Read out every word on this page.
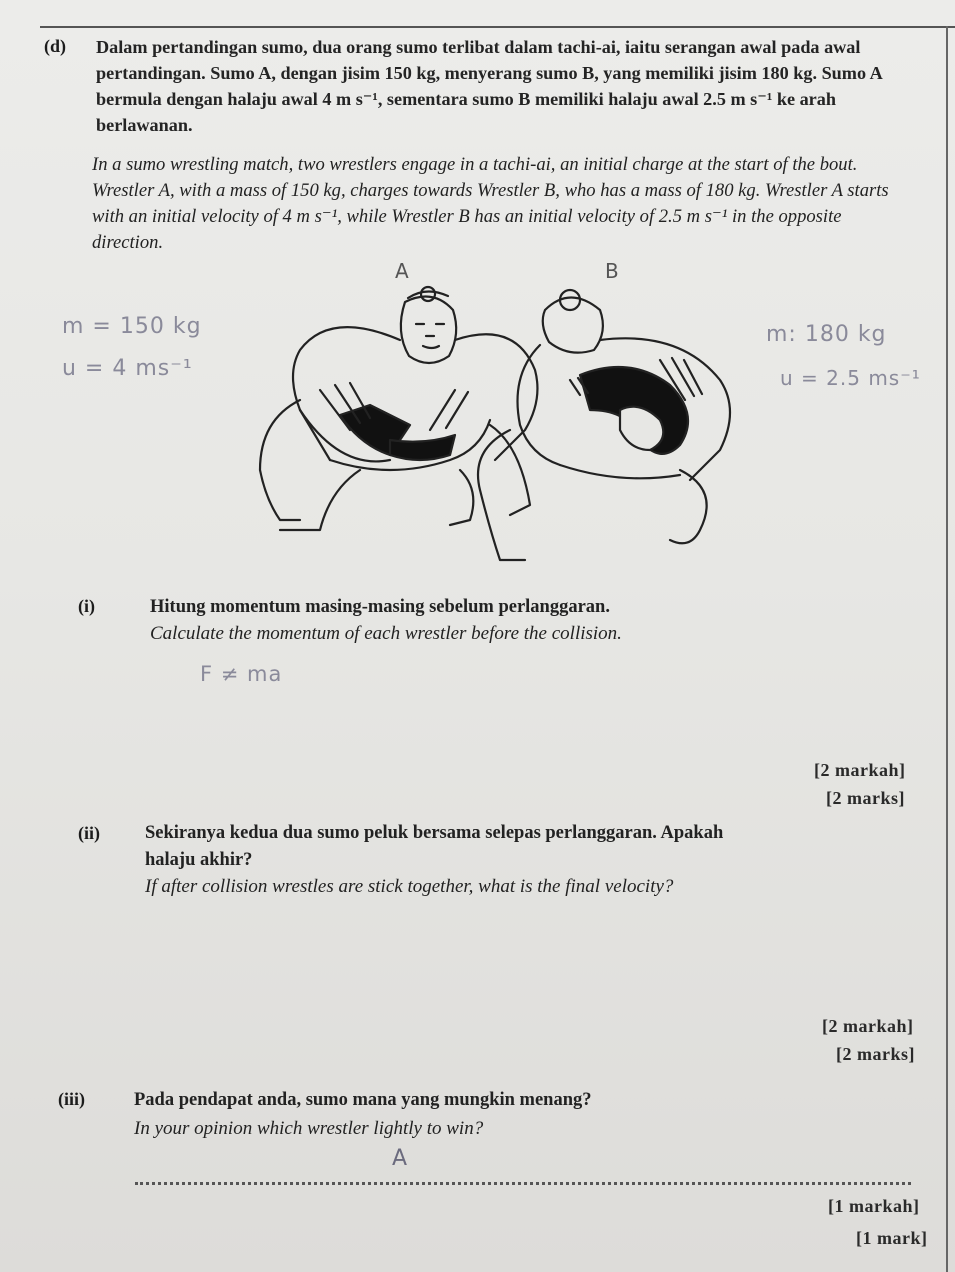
(d) Dalam pertandingan sumo, dua orang sumo terlibat dalam tachi-ai, iaitu serangan awal pada awal pertandingan. Sumo A, dengan jisim 150 kg, menyerang sumo B, yang memiliki jisim 180 kg. Sumo A bermula dengan halaju awal 4 m s⁻¹, sementara sumo B memiliki halaju awal 2.5 m s⁻¹ ke arah berlawanan.
In a sumo wrestling match, two wrestlers engage in a tachi-ai, an initial charge at the start of the bout. Wrestler A, with a mass of 150 kg, charges towards Wrestler B, who has a mass of 180 kg. Wrestler A starts with an initial velocity of 4 m s⁻¹, while Wrestler B has an initial velocity of 2.5 m s⁻¹ in the opposite direction.
m = 150 kg
u = 4 ms⁻¹
m: 180 kg
u = 2.5 ms⁻¹
A	B
(i)	Hitung momentum masing-masing sebelum perlanggaran.
Calculate the momentum of each wrestler before the collision.
F ≠ ma
[2 markah]
[2 marks]
(ii) Sekiranya kedua dua sumo peluk bersama selepas perlanggaran. Apakah
halaju akhir?
If after collision wrestles are stick together, what is the final velocity?
[2 markah]
[2 marks]
(iii)	Pada pendapat anda, sumo mana yang mungkin menang?
In your opinion which wrestler lightly to win?
A
[1 markah]
[1 mark]
